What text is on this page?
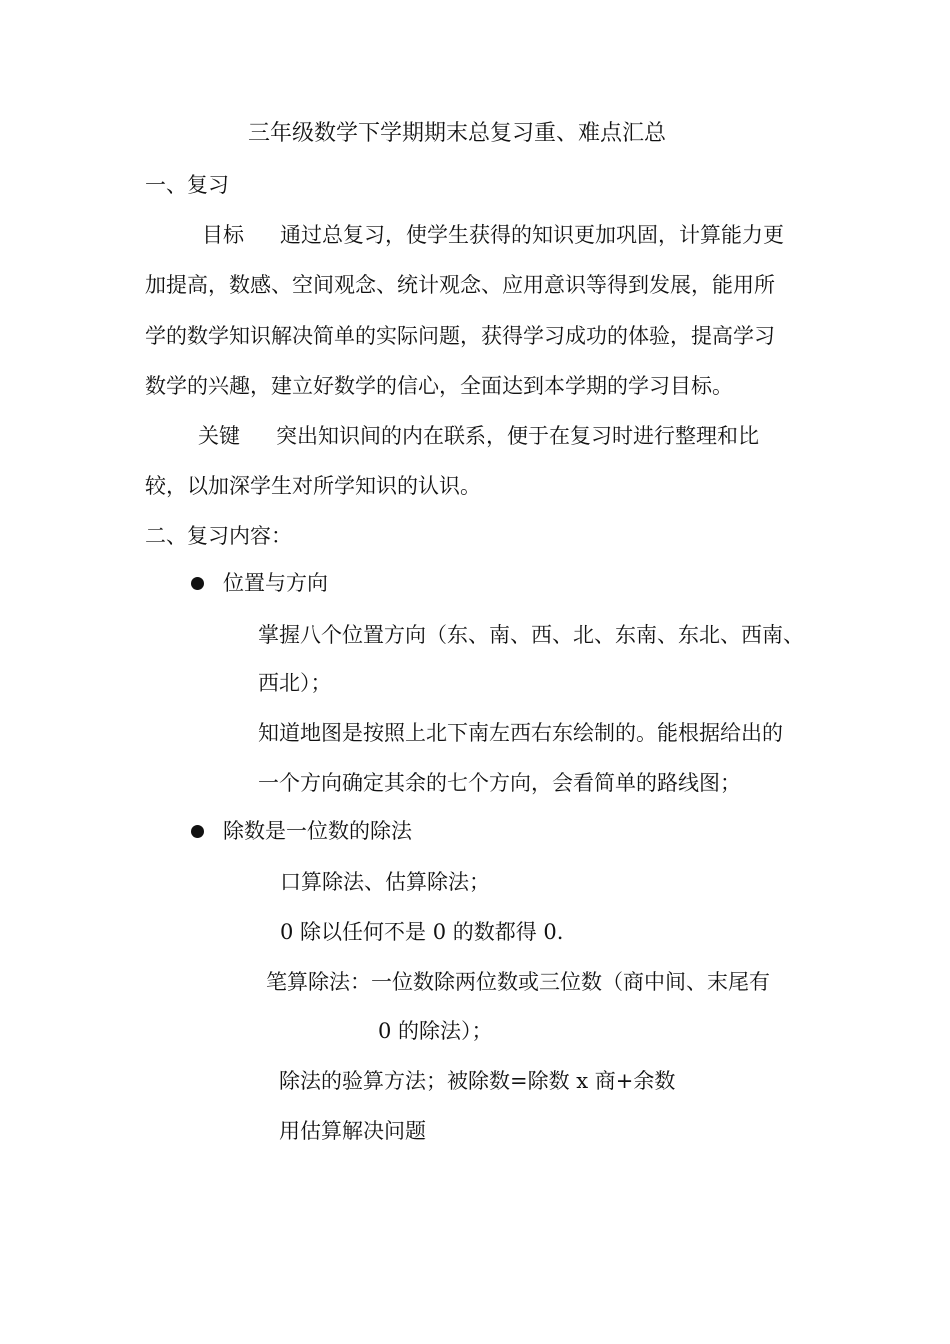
三年级数学下学期期末总复习重、难点汇总
一、复习
目标 通过总复习，使学生获得的知识更加巩固，计算能力更
加提高，数感、空间观念、统计观念、应用意识等得到发展，能用所
学的数学知识解决简单的实际问题，获得学习成功的体验，提高学习
数学的兴趣，建立好数学的信心，全面达到本学期的学习目标。
关键 突出知识间的内在联系，便于在复习时进行整理和比
较，以加深学生对所学知识的认识。
二、复习内容：
位置与方向
掌握八个位置方向（东、南、西、北、东南、东北、西南、
西北）；
知道地图是按照上北下南左西右东绘制的。能根据给出的
一个方向确定其余的七个方向，会看简单的路线图；
除数是一位数的除法
口算除法、估算除法；
0 除以任何不是 0 的数都得 0.
笔算除法：一位数除两位数或三位数（商中间、末尾有
0 的除法）；
除法的验算方法；被除数=除数 x 商+余数
用估算解决问题
